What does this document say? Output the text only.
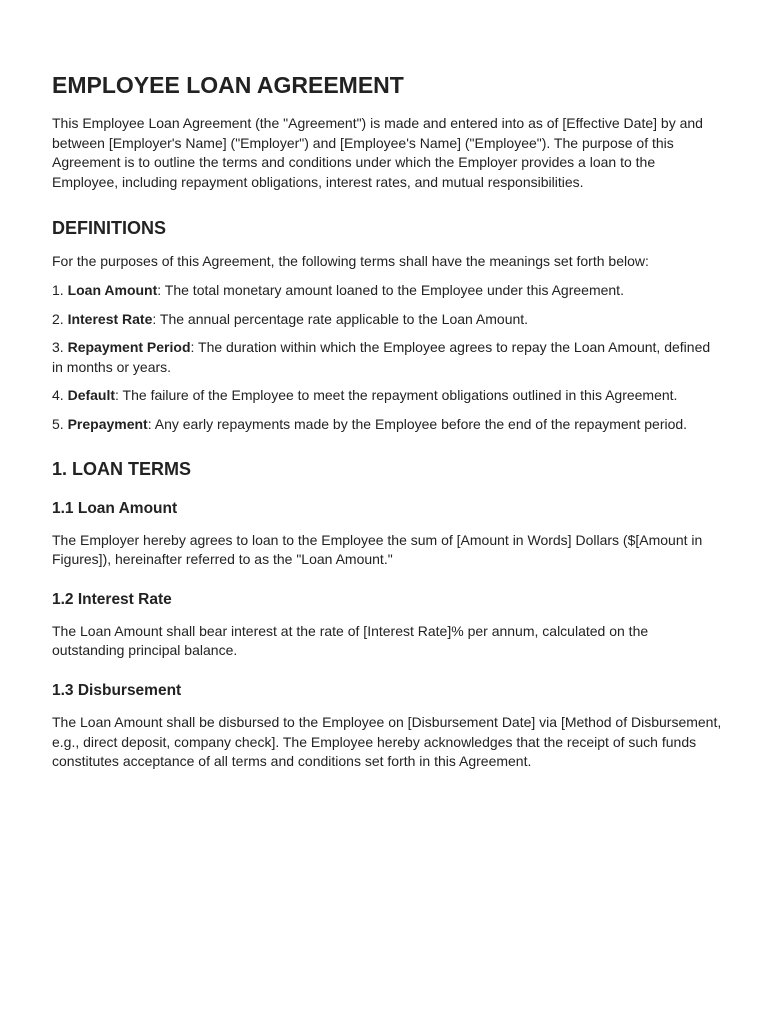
EMPLOYEE LOAN AGREEMENT

This Employee Loan Agreement (the "Agreement") is made and entered into as of [Effective Date] by and between [Employer's Name] ("Employer") and [Employee's Name] ("Employee"). The purpose of this Agreement is to outline the terms and conditions under which the Employer provides a loan to the Employee, including repayment obligations, interest rates, and mutual responsibilities.

DEFINITIONS

For the purposes of this Agreement, the following terms shall have the meanings set forth below:

1. Loan Amount: The total monetary amount loaned to the Employee under this Agreement.

2. Interest Rate: The annual percentage rate applicable to the Loan Amount.

3. Repayment Period: The duration within which the Employee agrees to repay the Loan Amount, defined in months or years.

4. Default: The failure of the Employee to meet the repayment obligations outlined in this Agreement.

5. Prepayment: Any early repayments made by the Employee before the end of the repayment period.

1. LOAN TERMS
1.1 Loan Amount

The Employer hereby agrees to loan to the Employee the sum of [Amount in Words] Dollars ($[Amount in Figures]), hereinafter referred to as the "Loan Amount."

1.2 Interest Rate

The Loan Amount shall bear interest at the rate of [Interest Rate]% per annum, calculated on the outstanding principal balance.

1.3 Disbursement

The Loan Amount shall be disbursed to the Employee on [Disbursement Date] via [Method of Disbursement, e.g., direct deposit, company check]. The Employee hereby acknowledges that the receipt of such funds constitutes acceptance of all terms and conditions set forth in this Agreement.
